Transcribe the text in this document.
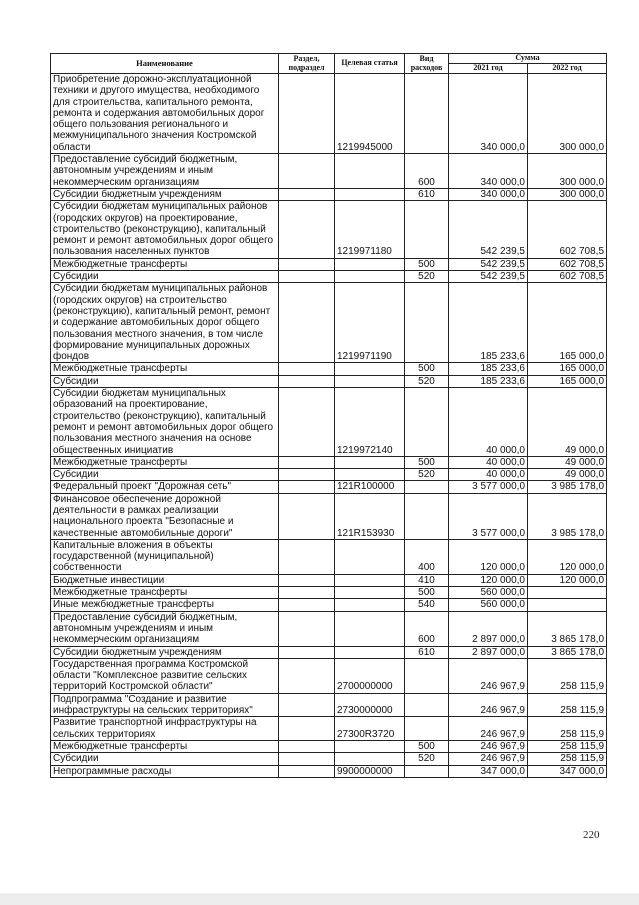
Наименование	Раздел, подраздел	Целевая статья	Вид расходов	Сумма	
				2021 год	2022 год
Приобретение дорожно-эксплуатационной техники и другого имущества, необходимого для строительства, капитального ремонта, ремонта и содержания автомобильных дорог общего пользования регионального и межмуниципального значения Костромской области		1219945000		340 000,0	300 000,0
Предоставление субсидий бюджетным, автономным учреждениям и иным некоммерческим организациям			600	340 000,0	300 000,0
Субсидии бюджетным учреждениям			610	340 000,0	300 000,0
Субсидии бюджетам муниципальных районов (городских округов) на проектирование, строительство (реконструкцию), капитальный ремонт и ремонт автомобильных дорог общего пользования населенных пунктов		1219971180		542 239,5	602 708,5
Межбюджетные трансферты			500	542 239,5	602 708,5
Субсидии			520	542 239,5	602 708,5
Субсидии бюджетам муниципальных районов (городских округов) на строительство (реконструкцию), капитальный ремонт, ремонт и содержание автомобильных дорог общего пользования местного значения, в том числе формирование муниципальных дорожных фондов		1219971190		185 233,6	165 000,0
Межбюджетные трансферты			500	185 233,6	165 000,0
Субсидии			520	185 233,6	165 000,0
Субсидии бюджетам муниципальных образований на проектирование, строительство (реконструкцию), капитальный ремонт и ремонт автомобильных дорог общего пользования местного значения на основе общественных инициатив		1219972140		40 000,0	49 000,0
Межбюджетные трансферты			500	40 000,0	49 000,0
Субсидии			520	40 000,0	49 000,0
Федеральный проект "Дорожная сеть"		121R100000		3 577 000,0	3 985 178,0
Финансовое обеспечение дорожной деятельности в рамках реализации национального проекта "Безопасные и качественные автомобильные дороги"		121R153930		3 577 000,0	3 985 178,0
Капитальные вложения в объекты государственной (муниципальной) собственности			400	120 000,0	120 000,0
Бюджетные инвестиции			410	120 000,0	120 000,0
Межбюджетные трансферты			500	560 000,0	
Иные межбюджетные трансферты			540	560 000,0	
Предоставление субсидий бюджетным, автономным учреждениям и иным некоммерческим организациям			600	2 897 000,0	3 865 178,0
Субсидии бюджетным учреждениям			610	2 897 000,0	3 865 178,0
Государственная программа Костромской области "Комплексное развитие сельских территорий Костромской области"		2700000000		246 967,9	258 115,9
Подпрограмма "Создание и развитие инфраструктуры на сельских территориях"		2730000000		246 967,9	258 115,9
Развитие транспортной инфраструктуры на сельских территориях		27300R3720		246 967,9	258 115,9
Межбюджетные трансферты			500	246 967,9	258 115,9
Субсидии			520	246 967,9	258 115,9
Непрограммные расходы		9900000000		347 000,0	347 000,0
220
